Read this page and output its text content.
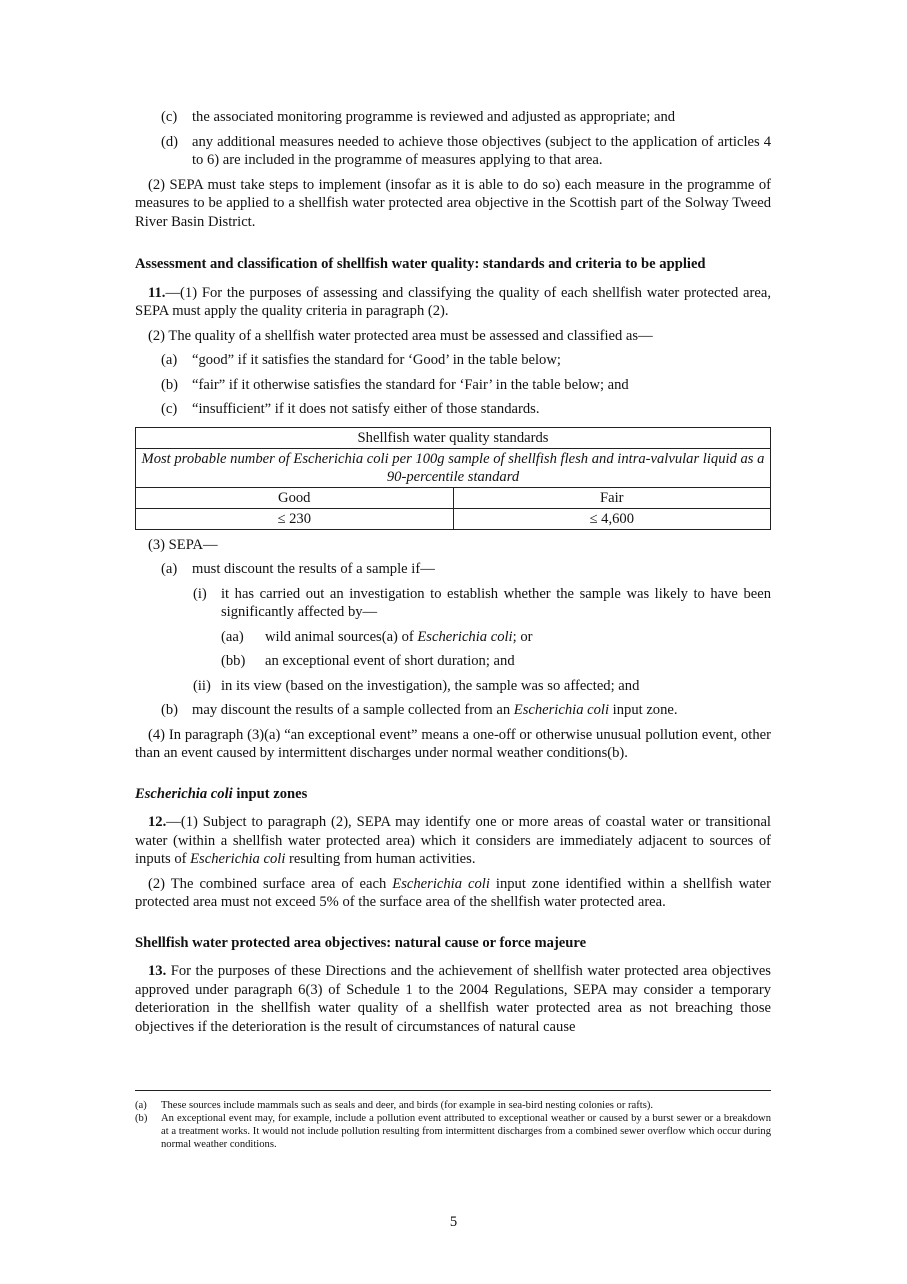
(c) the associated monitoring programme is reviewed and adjusted as appropriate; and
(d) any additional measures needed to achieve those objectives (subject to the application of articles 4 to 6) are included in the programme of measures applying to that area.

(2) SEPA must take steps to implement (insofar as it is able to do so) each measure in the programme of measures to be applied to a shellfish water protected area objective in the Scottish part of the Solway Tweed River Basin District.

Assessment and classification of shellfish water quality: standards and criteria to be applied

11.—(1) For the purposes of assessing and classifying the quality of each shellfish water protected area, SEPA must apply the quality criteria in paragraph (2).

(2) The quality of a shellfish water protected area must be assessed and classified as—

(a) “good” if it satisfies the standard for ‘Good’ in the table below;
(b) “fair” if it otherwise satisfies the standard for ‘Fair’ in the table below; and
(c) “insufficient” if it does not satisfy either of those standards.
Shellfish water quality standards	
Most probable number of Escherichia coli per 100g sample of shellfish flesh and intra-valvular liquid as a 90-percentile standard	
Good	Fair
≤ 230	≤ 4,600

(3) SEPA—

(a) must discount the results of a sample if—
(i) it has carried out an investigation to establish whether the sample was likely to have been significantly affected by—
(aa) wild animal sources(a) of Escherichia coli; or
(bb) an exceptional event of short duration; and
(ii) in its view (based on the investigation), the sample was so affected; and
(b) may discount the results of a sample collected from an Escherichia coli input zone.

(4) In paragraph (3)(a) “an exceptional event” means a one-off or otherwise unusual pollution event, other than an event caused by intermittent discharges under normal weather conditions(b).

Escherichia coli input zones

12.—(1) Subject to paragraph (2), SEPA may identify one or more areas of coastal water or transitional water (within a shellfish water protected area) which it considers are immediately adjacent to sources of inputs of Escherichia coli resulting from human activities.

(2) The combined surface area of each Escherichia coli input zone identified within a shellfish water protected area must not exceed 5% of the surface area of the shellfish water protected area.

Shellfish water protected area objectives: natural cause or force majeure

13. For the purposes of these Directions and the achievement of shellfish water protected area objectives approved under paragraph 6(3) of Schedule 1 to the 2004 Regulations, SEPA may consider a temporary deterioration in the shellfish water quality of a shellfish water protected area as not breaching those objectives if the deterioration is the result of circumstances of natural cause

(a) These sources include mammals such as seals and deer, and birds (for example in sea-bird nesting colonies or rafts).
(b) An exceptional event may, for example, include a pollution event attributed to exceptional weather or caused by a burst sewer or a breakdown at a treatment works. It would not include pollution resulting from intermittent discharges from a combined sewer overflow which occur during normal weather conditions.
5
